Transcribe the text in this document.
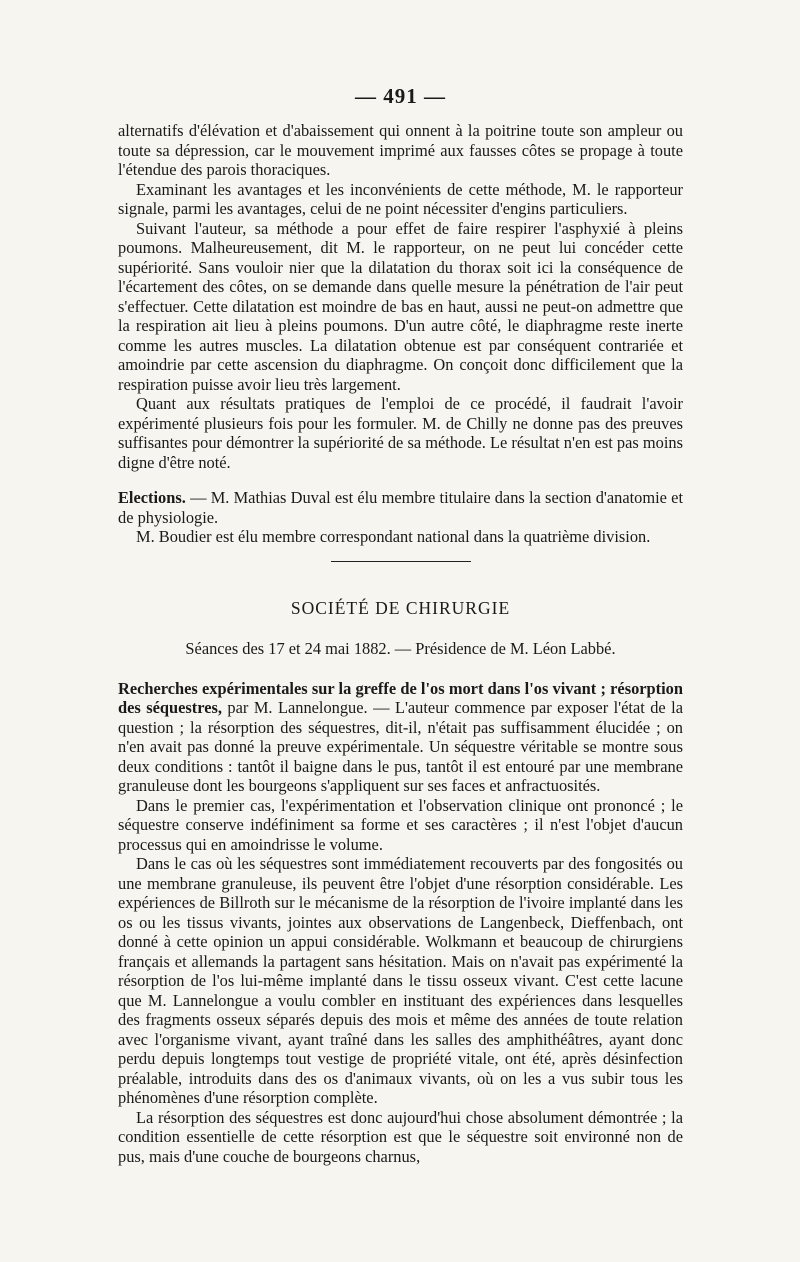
— 491 —

alternatifs d'élévation et d'abaissement qui onnent à la poitrine toute son ampleur ou toute sa dépression, car le mouvement imprimé aux fausses côtes se propage à toute l'étendue des parois thoraciques.

Examinant les avantages et les inconvénients de cette méthode, M. le rapporteur signale, parmi les avantages, celui de ne point nécessiter d'engins particuliers.

Suivant l'auteur, sa méthode a pour effet de faire respirer l'asphyxié à pleins poumons. Malheureusement, dit M. le rapporteur, on ne peut lui concéder cette supériorité. Sans vouloir nier que la dilatation du thorax soit ici la conséquence de l'écartement des côtes, on se demande dans quelle mesure la pénétration de l'air peut s'effectuer. Cette dilatation est moindre de bas en haut, aussi ne peut-on admettre que la respiration ait lieu à pleins poumons. D'un autre côté, le diaphragme reste inerte comme les autres muscles. La dilatation obtenue est par conséquent contrariée et amoindrie par cette ascension du diaphragme. On conçoit donc difficilement que la respiration puisse avoir lieu très largement.

Quant aux résultats pratiques de l'emploi de ce procédé, il faudrait l'avoir expérimenté plusieurs fois pour les formuler. M. de Chilly ne donne pas des preuves suffisantes pour démontrer la supériorité de sa méthode. Le résultat n'en est pas moins digne d'être noté.

Elections. — M. Mathias Duval est élu membre titulaire dans la section d'anatomie et de physiologie.

M. Boudier est élu membre correspondant national dans la quatrième division.

SOCIÉTÉ DE CHIRURGIE
Séances des 17 et 24 mai 1882. — Présidence de M. Léon Labbé.

Recherches expérimentales sur la greffe de l'os mort dans l'os vivant ; résorption des séquestres, par M. Lannelongue. — L'auteur commence par exposer l'état de la question ; la résorption des séquestres, dit-il, n'était pas suffisamment élucidée ; on n'en avait pas donné la preuve expérimentale. Un séquestre véritable se montre sous deux conditions : tantôt il baigne dans le pus, tantôt il est entouré par une membrane granuleuse dont les bourgeons s'appliquent sur ses faces et anfractuosités.

Dans le premier cas, l'expérimentation et l'observation clinique ont prononcé ; le séquestre conserve indéfiniment sa forme et ses caractères ; il n'est l'objet d'aucun processus qui en amoindrisse le volume.

Dans le cas où les séquestres sont immédiatement recouverts par des fongosités ou une membrane granuleuse, ils peuvent être l'objet d'une résorption considérable. Les expériences de Billroth sur le mécanisme de la résorption de l'ivoire implanté dans les os ou les tissus vivants, jointes aux observations de Langenbeck, Dieffenbach, ont donné à cette opinion un appui considérable. Wolkmann et beaucoup de chirurgiens français et allemands la partagent sans hésitation. Mais on n'avait pas expérimenté la résorption de l'os lui-même implanté dans le tissu osseux vivant. C'est cette lacune que M. Lannelongue a voulu combler en instituant des expériences dans lesquelles des fragments osseux séparés depuis des mois et même des années de toute relation avec l'organisme vivant, ayant traîné dans les salles des amphithéâtres, ayant donc perdu depuis longtemps tout vestige de propriété vitale, ont été, après désinfection préalable, introduits dans des os d'animaux vivants, où on les a vus subir tous les phénomènes d'une résorption complète.

La résorption des séquestres est donc aujourd'hui chose absolument démontrée ; la condition essentielle de cette résorption est que le séquestre soit environné non de pus, mais d'une couche de bourgeons charnus,
